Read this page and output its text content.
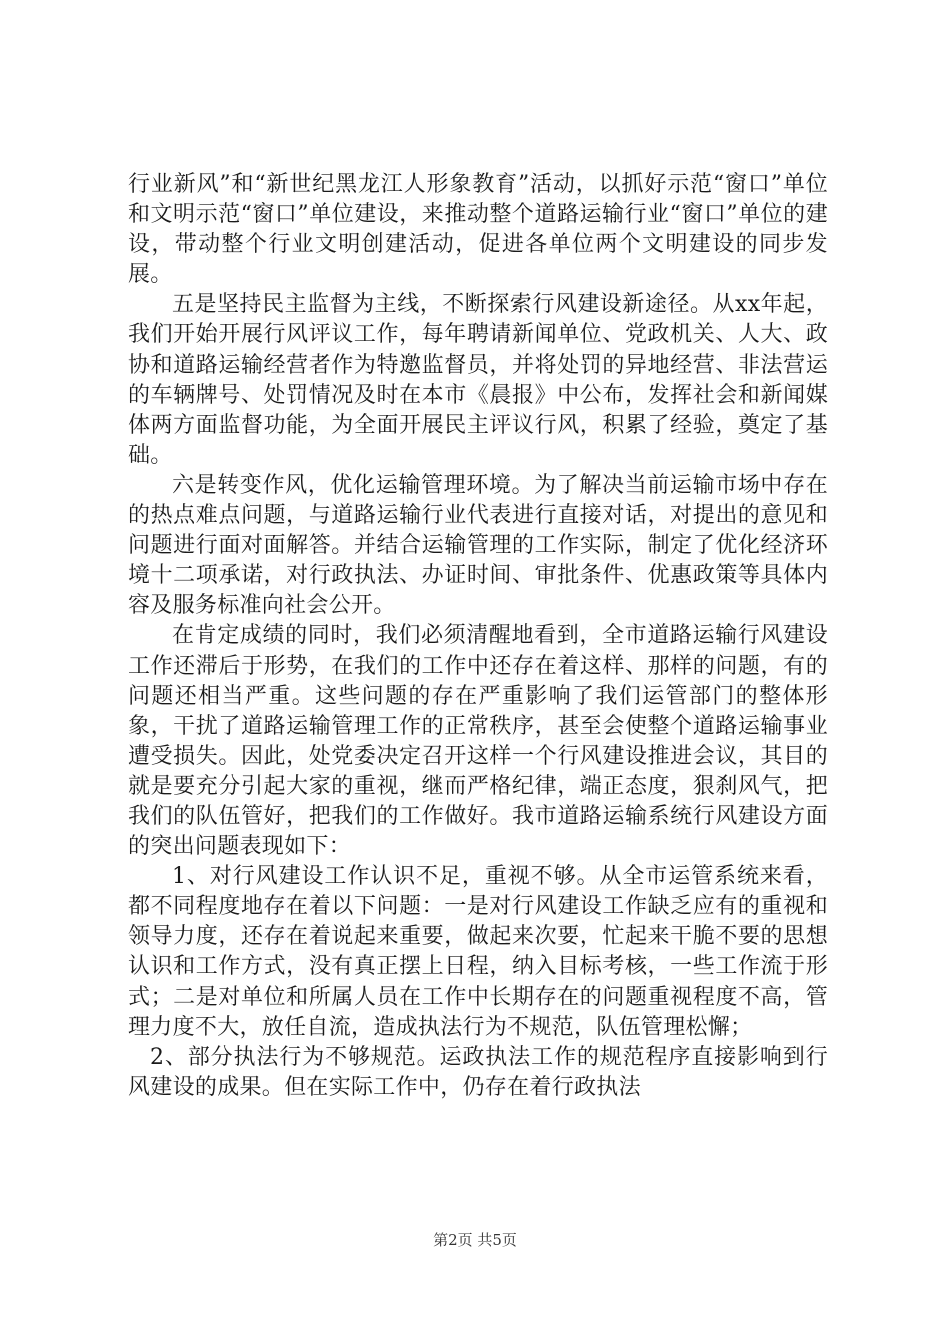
行业新风”和“新世纪黑龙江人形象教育”活动，以抓好示范“窗口”单位和文明示范“窗口”单位建设，来推动整个道路运输行业“窗口”单位的建设，带动整个行业文明创建活动，促进各单位两个文明建设的同步发展。

五是坚持民主监督为主线，不断探索行风建设新途径。从xx年起，我们开始开展行风评议工作，每年聘请新闻单位、党政机关、人大、政协和道路运输经营者作为特邀监督员，并将处罚的异地经营、非法营运的车辆牌号、处罚情况及时在本市《晨报》中公布，发挥社会和新闻媒体两方面监督功能，为全面开展民主评议行风，积累了经验，奠定了基础。

六是转变作风，优化运输管理环境。为了解决当前运输市场中存在的热点难点问题，与道路运输行业代表进行直接对话，对提出的意见和问题进行面对面解答。并结合运输管理的工作实际，制定了优化经济环境十二项承诺，对行政执法、办证时间、审批条件、优惠政策等具体内容及服务标准向社会公开。

在肯定成绩的同时，我们必须清醒地看到，全市道路运输行风建设工作还滞后于形势，在我们的工作中还存在着这样、那样的问题，有的问题还相当严重。这些问题的存在严重影响了我们运管部门的整体形象，干扰了道路运输管理工作的正常秩序，甚至会使整个道路运输事业遭受损失。因此，处党委决定召开这样一个行风建设推进会议，其目的就是要充分引起大家的重视，继而严格纪律，端正态度，狠刹风气，把我们的队伍管好，把我们的工作做好。我市道路运输系统行风建设方面的突出问题表现如下：

1、对行风建设工作认识不足，重视不够。从全市运管系统来看，都不同程度地存在着以下问题：一是对行风建设工作缺乏应有的重视和领导力度，还存在着说起来重要，做起来次要，忙起来干脆不要的思想认识和工作方式，没有真正摆上日程，纳入目标考核，一些工作流于形式；二是对单位和所属人员在工作中长期存在的问题重视程度不高，管理力度不大，放任自流，造成执法行为不规范，队伍管理松懈；

2、部分执法行为不够规范。运政执法工作的规范程序直接影响到行风建设的成果。但在实际工作中，仍存在着行政执法

第2页 共5页
